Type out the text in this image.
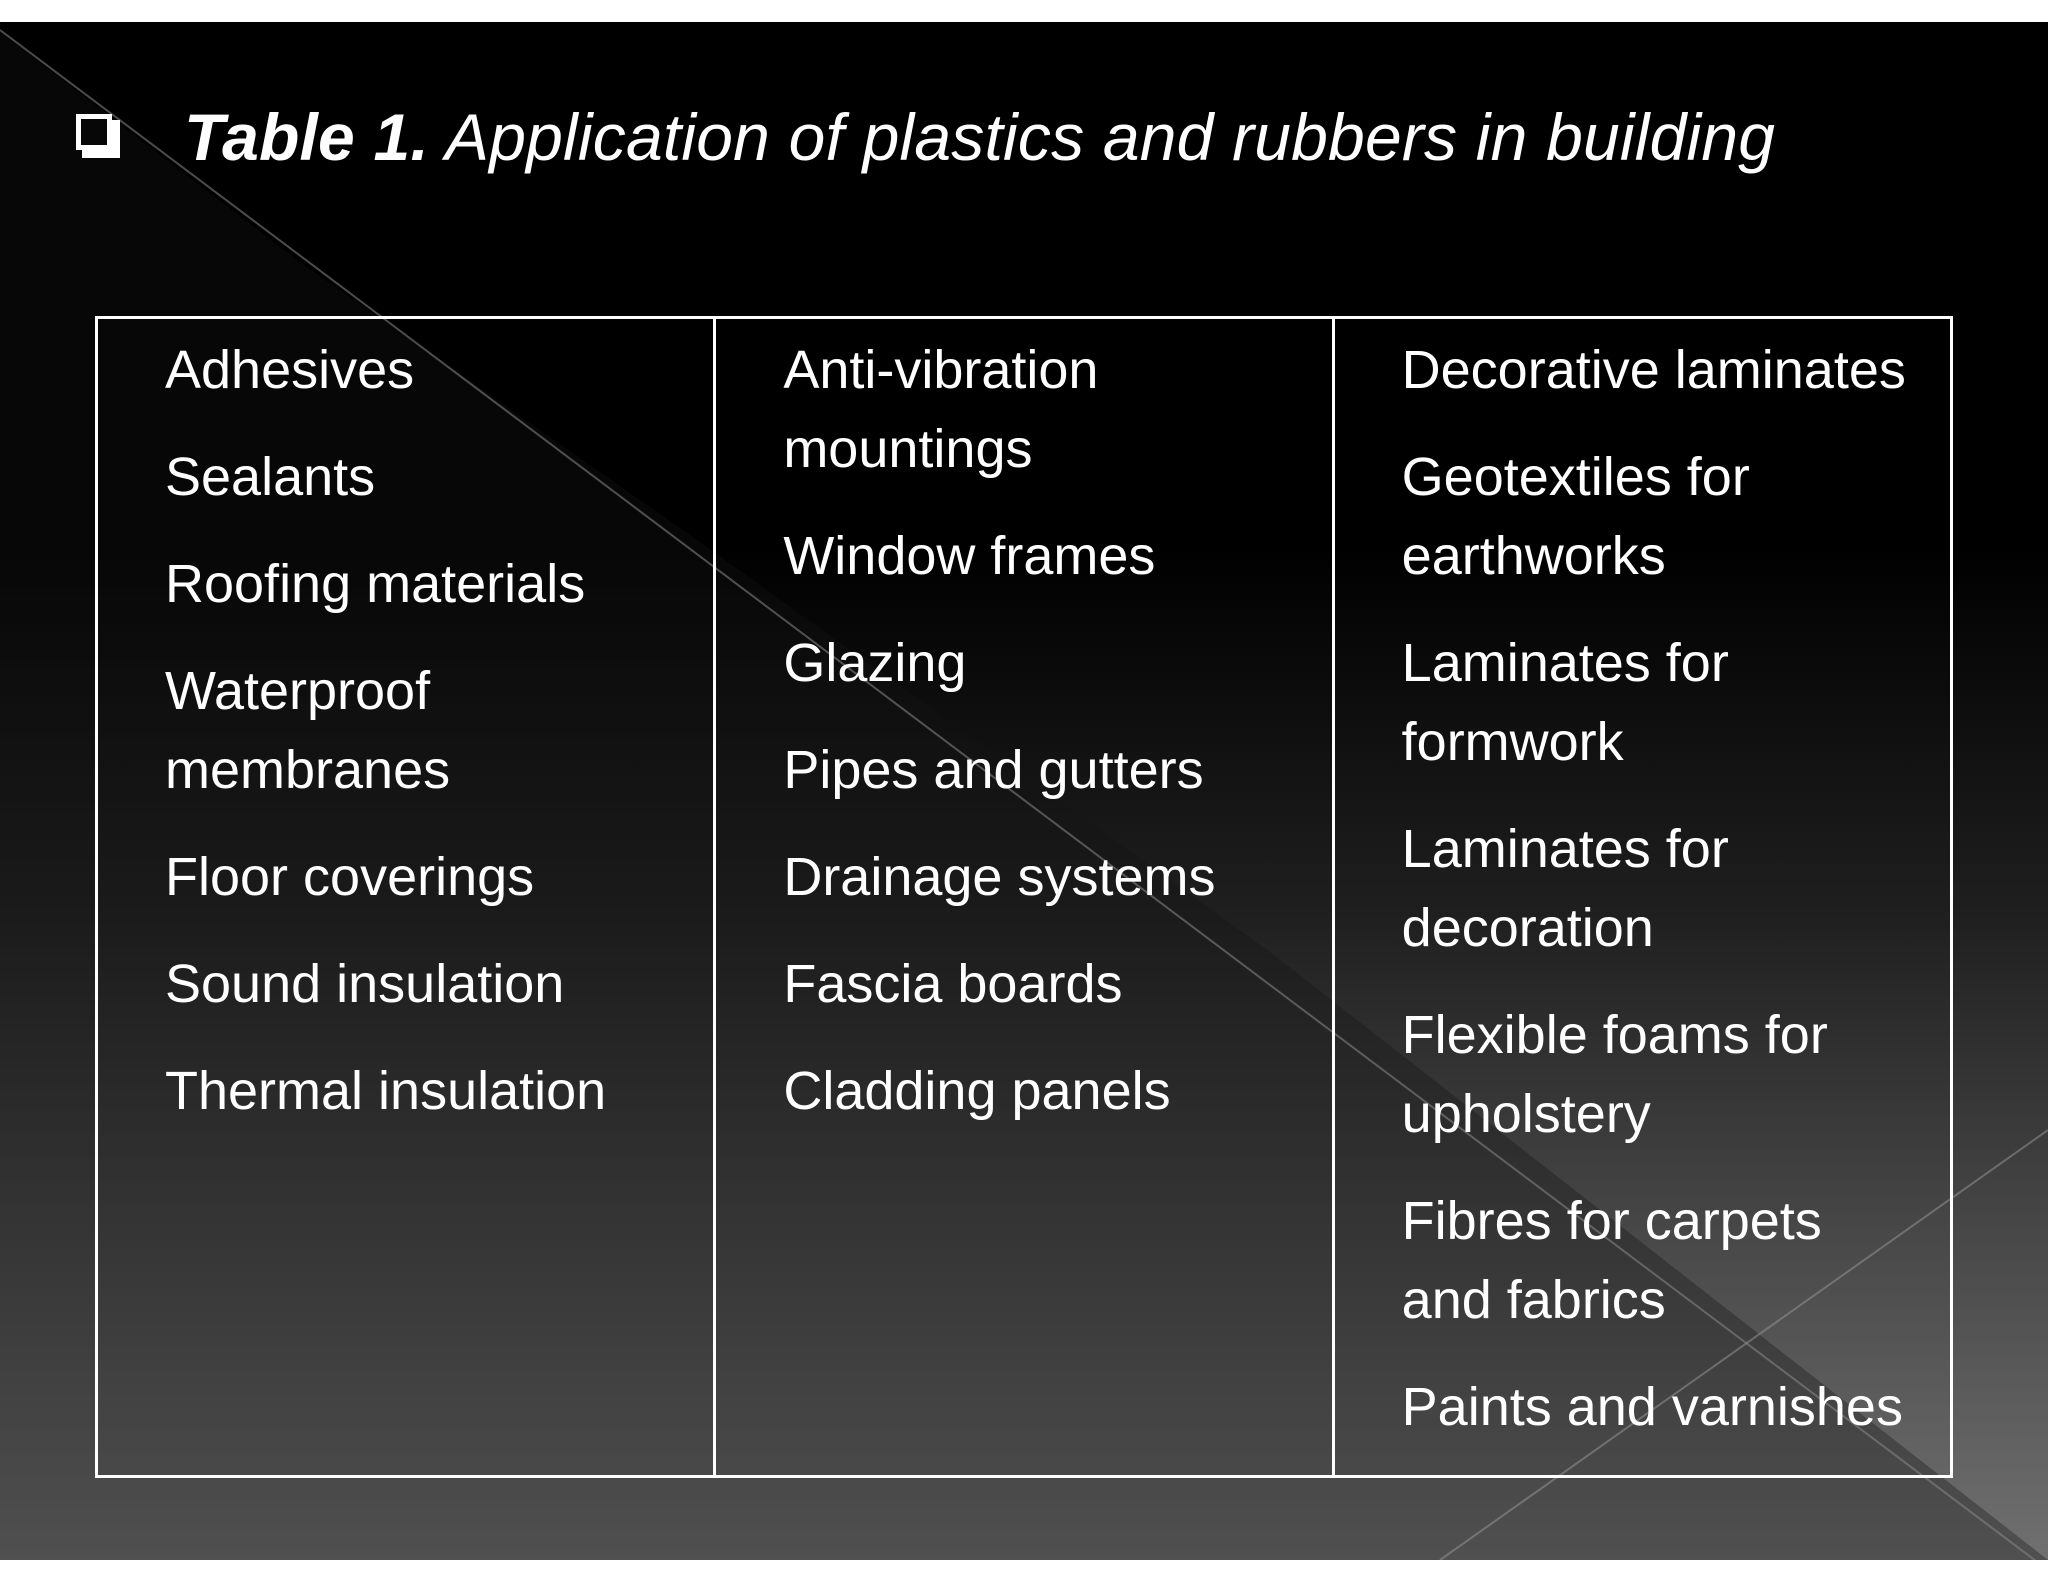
Table 1. Application of plastics and rubbers in building
Adhesives
Sealants
Roofing materials
Waterproof membranes
Floor coverings
Sound insulation
Thermal insulation

Anti-vibration mountings
Window frames
Glazing
Pipes and gutters
Drainage systems
Fascia boards
Cladding panels

Decorative laminates
Geotextiles for earthworks
Laminates for formwork
Laminates for decoration
Flexible foams for upholstery
Fibres for carpets and fabrics
Paints and varnishes
